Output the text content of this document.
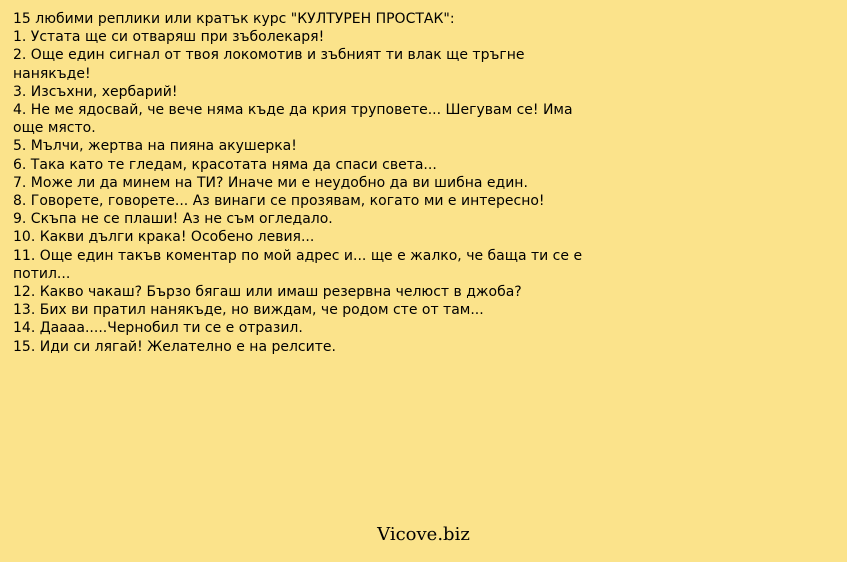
15 любими реплики или кратък курс "КУЛТУРЕН ПРОСТАК":
1. Устата ще си отваряш при зъболекаря!
2. Още един сигнал от твоя локомотив и зъбният ти влак ще тръгне нанякъде!
3. Изсъхни, хербарий!
4. Не ме ядосвай, че вече няма къде да крия труповете... Шегувам се! Има още място.
5. Мълчи, жертва на пияна акушерка!
6. Така като те гледам, красотата няма да спаси света...
7. Може ли да минем на ТИ? Иначе ми е неудобно да ви шибна един.
8. Говорете, говорете... Аз винаги се прозявам, когато ми е интересно!
9. Скъпа не се плаши! Аз не съм огледало.
10. Какви дълги крака! Особено левия...
11. Още един такъв коментар по мой адрес и... ще е жалко, че баща ти се е потил...
12. Какво чакаш? Бързо бягаш или имаш резервна челюст в джоба?
13. Бих ви пратил нанякъде, но виждам, че родом сте от там...
14. Даааа.....Чернобил ти се е отразил.
15. Иди си лягай! Желателно е на релсите.
Vicove.biz
